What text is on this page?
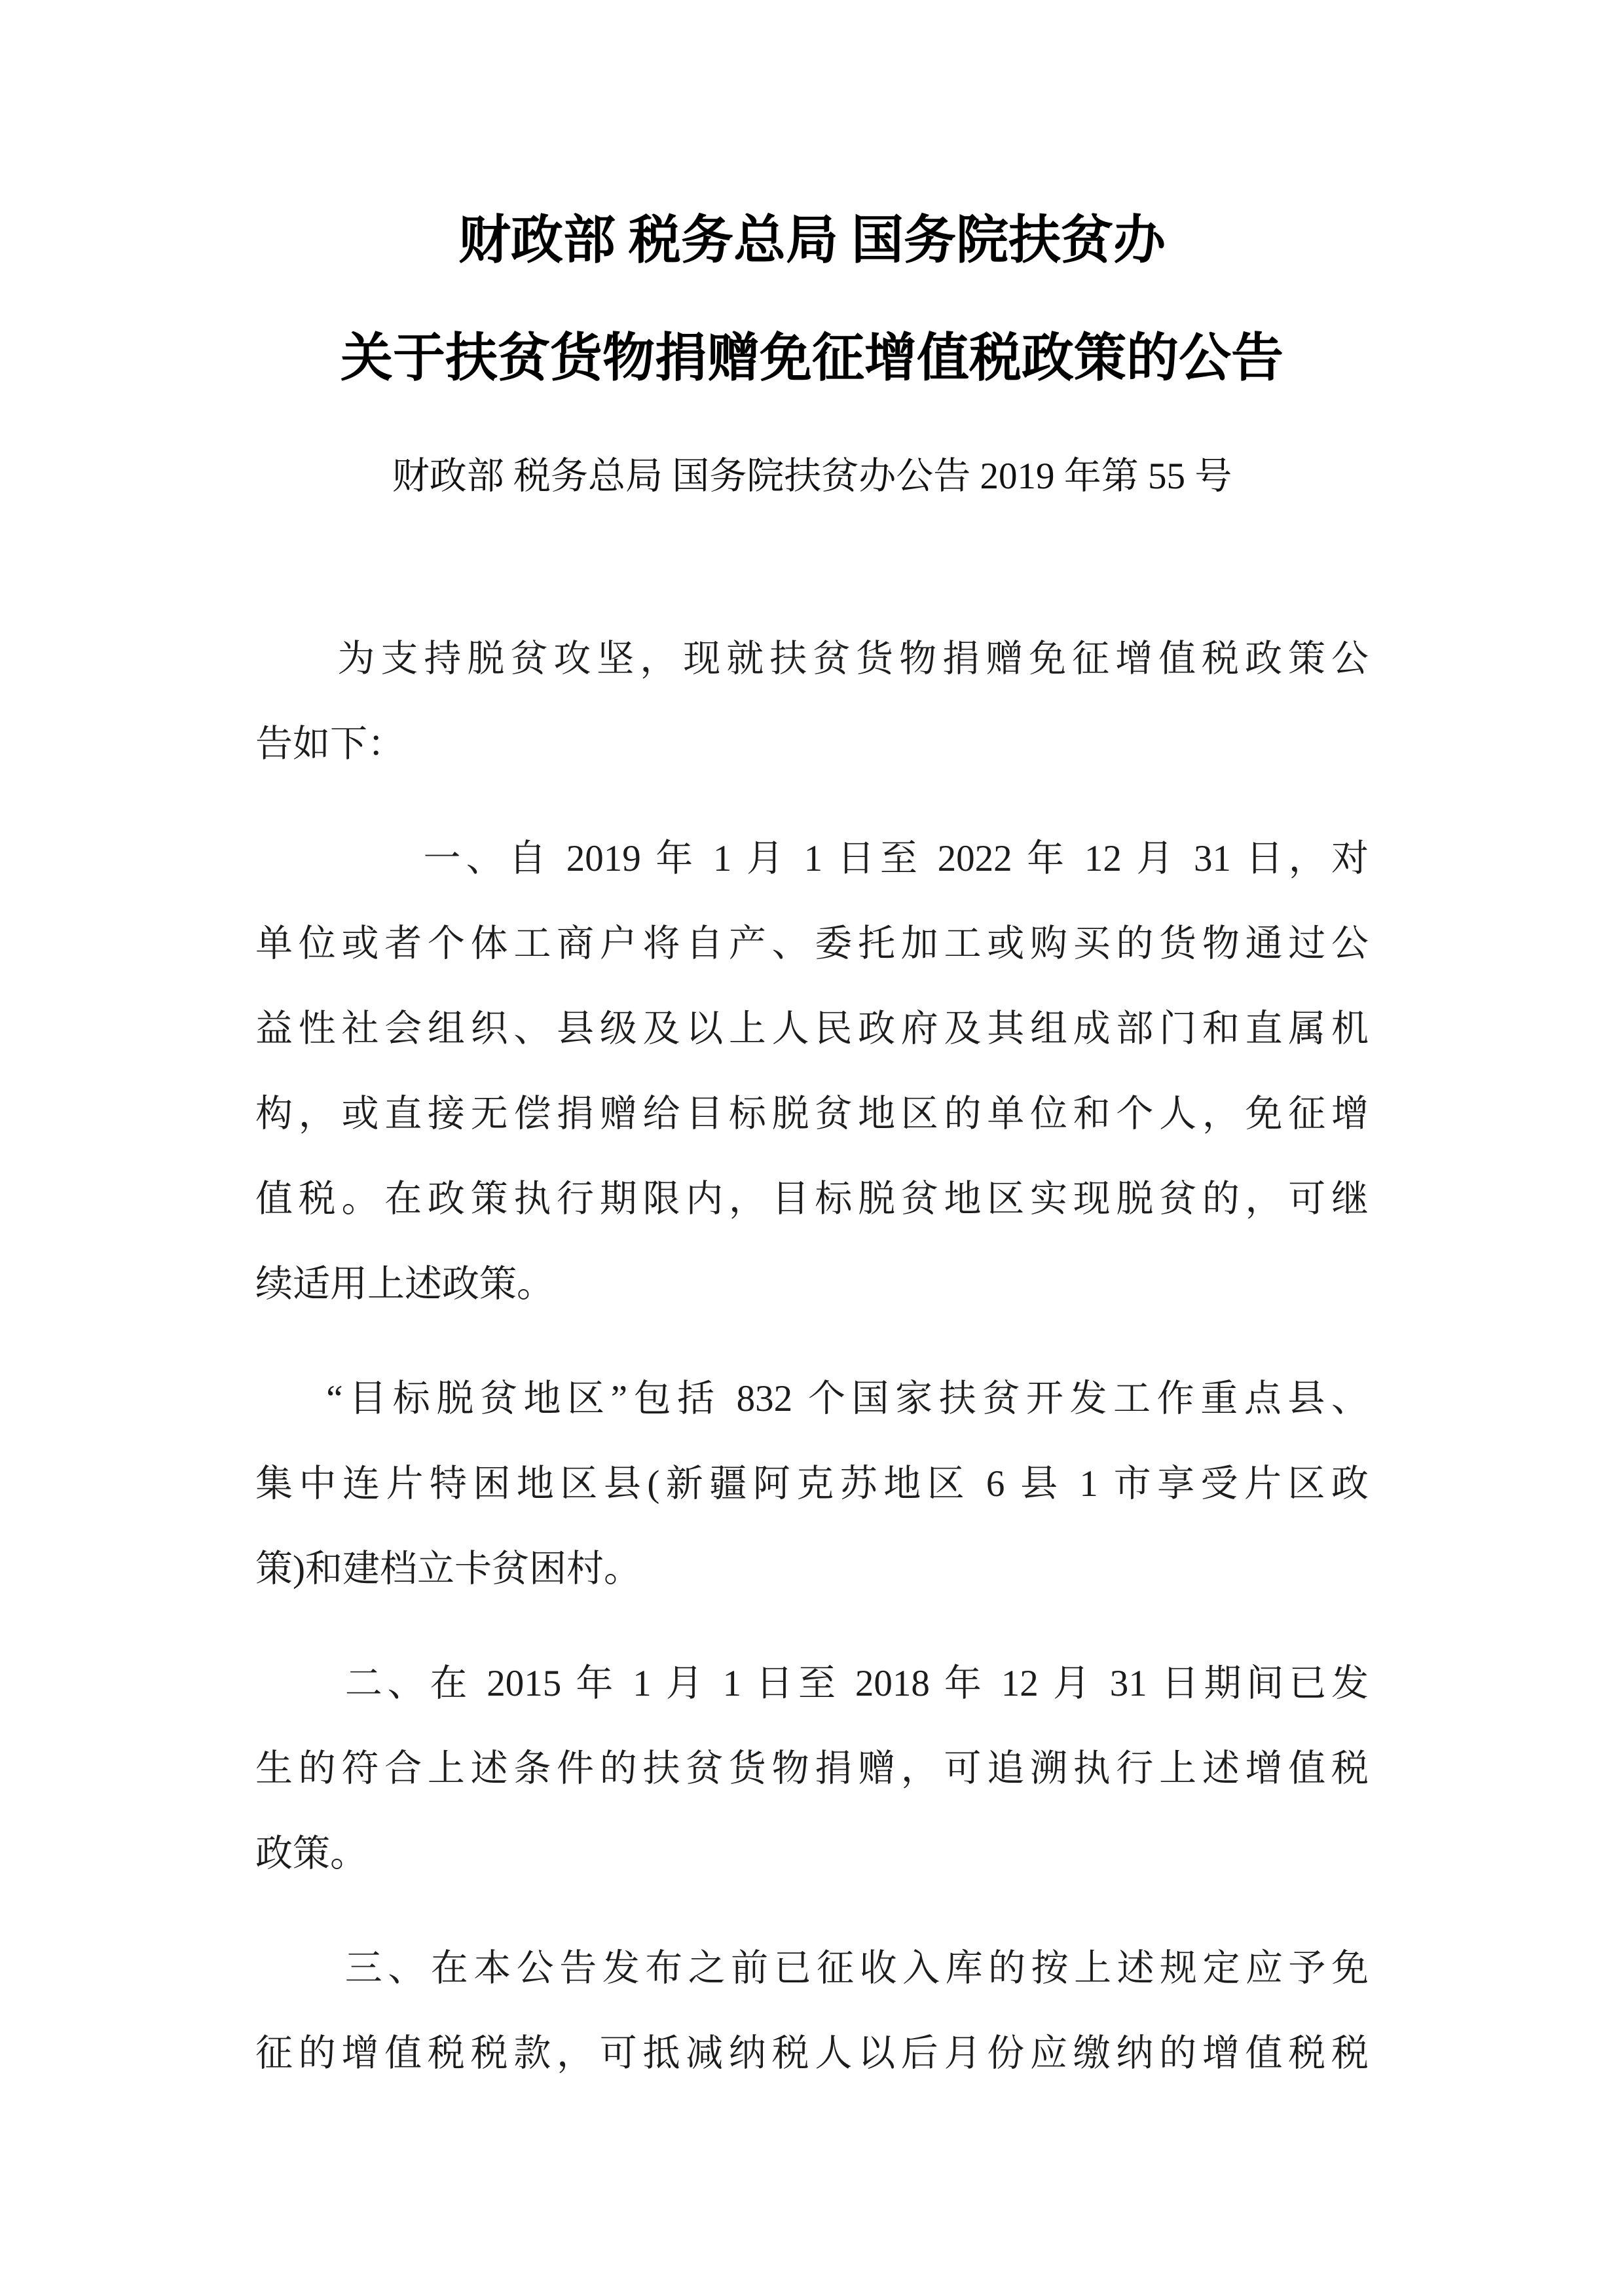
财政部 税务总局 国务院扶贫办
关于扶贫货物捐赠免征增值税政策的公告
财政部 税务总局 国务院扶贫办公告 2019 年第 55 号
为支持脱贫攻坚，现就扶贫货物捐赠免征增值税政策公
告如下：
一、自 2019 年 1 月 1 日至 2022 年 12 月 31 日，对
单位或者个体工商户将自产、委托加工或购买的货物通过公
益性社会组织、县级及以上人民政府及其组成部门和直属机
构，或直接无偿捐赠给目标脱贫地区的单位和个人，免征增
值税。在政策执行期限内，目标脱贫地区实现脱贫的，可继
续适用上述政策。
“目标脱贫地区”包括 832 个国家扶贫开发工作重点县、
集中连片特困地区县(新疆阿克苏地区 6 县 1 市享受片区政
策)和建档立卡贫困村。
二、在 2015 年 1 月 1 日至 2018 年 12 月 31 日期间已发
生的符合上述条件的扶贫货物捐赠，可追溯执行上述增值税
政策。
三、在本公告发布之前已征收入库的按上述规定应予免
征的增值税税款，可抵减纳税人以后月份应缴纳的增值税税
